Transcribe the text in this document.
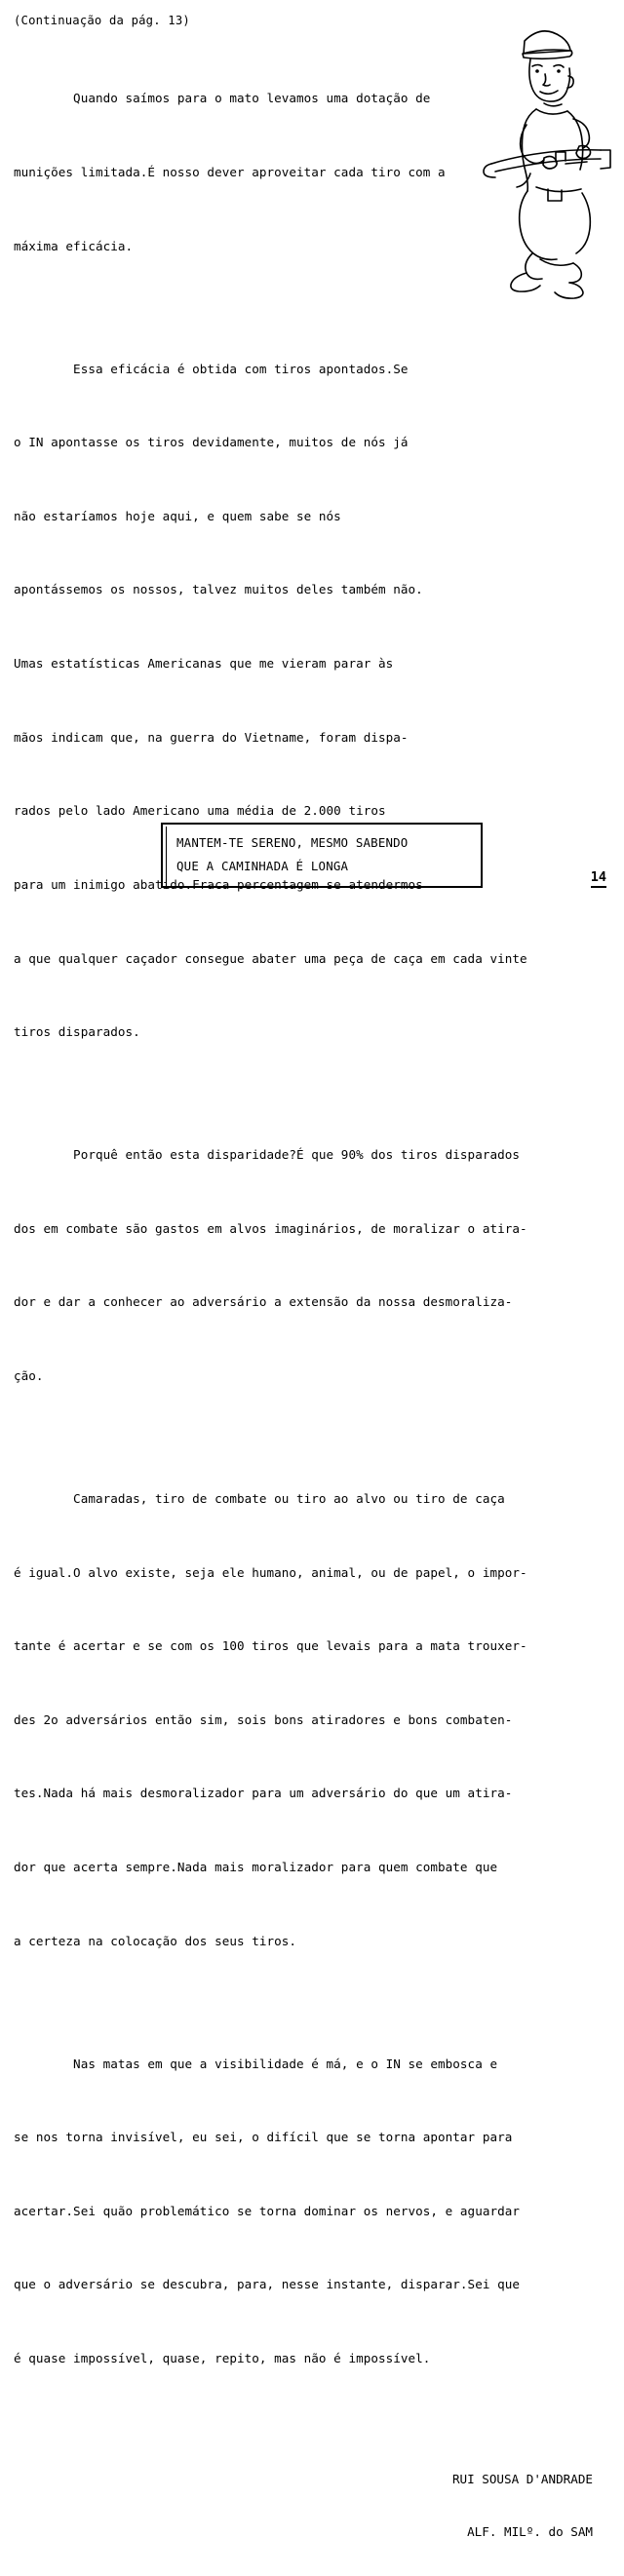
(Continuação da pág. 13)

Quando saímos para o mato levamos uma dotação de

munições limitada.É nosso dever aproveitar cada tiro com a

máxima eficácia.

Essa eficácia é obtida com tiros apontados.Se

o IN apontasse os tiros devidamente, muitos de nós já

não estaríamos hoje aqui, e quem sabe se nós

apontássemos os nossos, talvez muitos deles também não.

Umas estatísticas Americanas que me vieram parar às

mãos indicam que, na guerra do Vietname, foram dispa-

rados pelo lado Americano uma média de 2.000 tiros

para um inimigo abatido.Fraca percentagem se atendermos

a que qualquer caçador consegue abater uma peça de caça em cada vinte

tiros disparados.

Porquê então esta disparidade?É que 90% dos tiros disparados

dos em combate são gastos em alvos imaginários, de moralizar o atira-

dor e dar a conhecer ao adversário a extensão da nossa desmoraliza-

ção.

Camaradas, tiro de combate ou tiro ao alvo ou tiro de caça

é igual.O alvo existe, seja ele humano, animal, ou de papel, o impor-

tante é acertar e se com os 100 tiros que levais para a mata trouxer-

des 2o adversários então sim, sois bons atiradores e bons combaten-

tes.Nada há mais desmoralizador para um adversário do que um atira-

dor que acerta sempre.Nada mais moralizador para quem combate que

a certeza na colocação dos seus tiros.

Nas matas em que a visibilidade é má, e o IN se embosca e

se nos torna invisível, eu sei, o difícil que se torna apontar para

acertar.Sei quão problemático se torna dominar os nervos, e aguardar

que o adversário se descubra, para, nesse instante, disparar.Sei que

é quase impossível, quase, repito, mas não é impossível.

RUI SOUSA D'ANDRADE

ALF. MILº. do SAM

MANTEM-TE SERENO, MESMO SABENDO
QUE A CAMINHADA É LONGA
14
